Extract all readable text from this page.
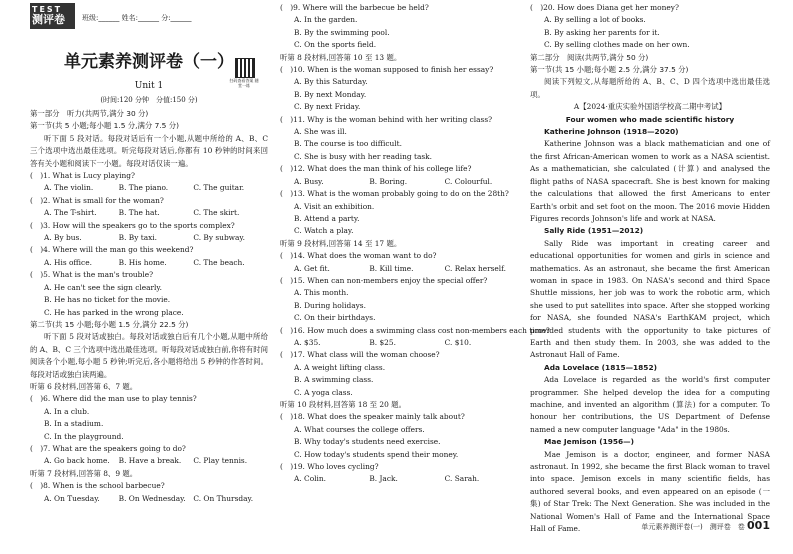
TEST
测评卷 班级:______ 姓名:______ 分:______
单元素养测评卷（一）
扫码查看答案 随堂一练
Unit 1
(时间:120 分钟　分值:150 分)
第一部分　听力(共两节,满分 30 分)
第一节(共 5 小题;每小题 1.5 分,满分 7.5 分)
听下面 5 段对话。每段对话后有一个小题,从题中所给的 A、B、C 三个选项中选出最佳选项。听完每段对话后,你都有 10 秒钟的时间来回答有关小题和阅读下一小题。每段对话仅读一遍。
(　)1. What is Lucy playing?
A. The violin.	B. The piano.	C. The guitar.
(　)2. What is small for the woman?
A. The T-shirt.	B. The hat.	C. The skirt.
(　)3. How will the speakers go to the sports complex?
A. By bus.	B. By taxi.	C. By subway.
(　)4. Where will the man go this weekend?
A. His office.	B. His home.	C. The beach.
(　)5. What is the man's trouble?
A. He can't see the sign clearly.
B. He has no ticket for the movie.
C. He has parked in the wrong place.
第二节(共 15 小题;每小题 1.5 分,满分 22.5 分)
听下面 5 段对话或独白。每段对话或独白后有几个小题,从题中所给的 A、B、C 三个选项中选出最佳选项。听每段对话或独白前,你将有时间阅读各个小题,每小题 5 秒钟;听完后,各小题将给出 5 秒钟的作答时间。每段对话或独白读两遍。
听第 6 段材料,回答第 6、7 题。
(　)6. Where did the man use to play tennis?
A. In a club.
B. In a stadium.
C. In the playground.
(　)7. What are the speakers going to do?
A. Go back home.	B. Have a break.	C. Play tennis.
听第 7 段材料,回答第 8、9 题。
(　)8. When is the school barbecue?
A. On Tuesday.	B. On Wednesday.	C. On Thursday.
(　)9. Where will the barbecue be held?
A. In the garden.
B. By the swimming pool.
C. On the sports field.
听第 8 段材料,回答第 10 至 13 题。
(　)10. When is the woman supposed to finish her essay?
A. By this Saturday.
B. By next Monday.
C. By next Friday.
(　)11. Why is the woman behind with her writing class?
A. She was ill.
B. The course is too difficult.
C. She is busy with her reading task.
(　)12. What does the man think of his college life?
A. Busy.	B. Boring.	C. Colourful.
(　)13. What is the woman probably going to do on the 28th?
A. Visit an exhibition.
B. Attend a party.
C. Watch a play.
听第 9 段材料,回答第 14 至 17 题。
(　)14. What does the woman want to do?
A. Get fit.	B. Kill time.	C. Relax herself.
(　)15. When can non-members enjoy the special offer?
A. This month.
B. During holidays.
C. On their birthdays.
(　)16. How much does a swimming class cost non-members each time?
A. $35.	B. $25.	C. $10.
(　)17. What class will the woman choose?
A. A weight lifting class.
B. A swimming class.
C. A yoga class.
听第 10 段材料,回答第 18 至 20 题。
(　)18. What does the speaker mainly talk about?
A. What courses the college offers.
B. Why today's students need exercise.
C. How today's students spend their money.
(　)19. Who loves cycling?
A. Colin.	B. Jack.	C. Sarah.
(　)20. How does Diana get her money?
A. By selling a lot of books.
B. By asking her parents for it.
C. By selling clothes made on her own.
第二部分　阅读(共两节,满分 50 分)
第一节(共 15 小题;每小题 2.5 分,满分 37.5 分)
阅读下列短文,从每题所给的 A、B、C、D 四个选项中选出最佳选项。
A【2024·重庆实验外国语学校高二期中考试】
Four women who made scientific history
Katherine Johnson (1918—2020)
Katherine Johnson was a black mathematician and one of the first African-American women to work as a NASA scientist. As a mathematician, she calculated (计算) and analysed the flight paths of NASA spacecraft. She is best known for making the calculations that allowed the first Americans to enter Earth's orbit and set foot on the moon. The 2016 movie Hidden Figures records Johnson's life and work at NASA.
Sally Ride (1951—2012)
Sally Ride was important in creating career and educational opportunities for women and girls in science and mathematics. As an astronaut, she became the first American woman in space in 1983. On NASA's second and third Space Shuttle missions, her job was to work the robotic arm, which she used to put satellites into space. After she stopped working for NASA, she founded NASA's EarthKAM project, which provided students with the opportunity to take pictures of Earth and then study them. In 2003, she was added to the Astronaut Hall of Fame.
Ada Lovelace (1815—1852)
Ada Lovelace is regarded as the world's first computer programmer. She helped develop the idea for a computing machine, and invented an algorithm (算法) for a computer. To honour her contributions, the US Department of Defense named a new computer language "Ada" in the 1980s.
Mae Jemison (1956—)
Mae Jemison is a doctor, engineer, and former NASA astronaut. In 1992, she became the first Black woman to travel into space. Jemison excels in many scientific fields, has authored several books, and even appeared on an episode (一集) of Star Trek: The Next Generation. She was included in the National Women's Hall of Fame and the International Space Hall of Fame.	单元素养测评卷(一)　测评卷　卷 001
